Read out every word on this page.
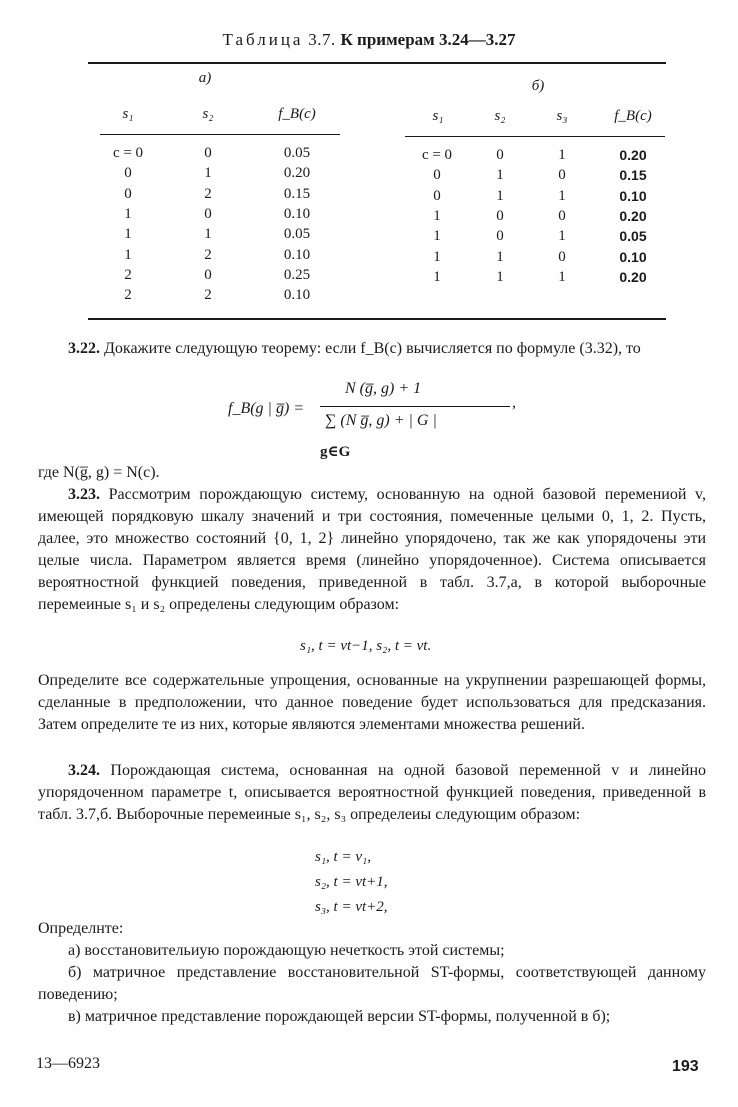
Таблица 3.7. К примерам 3.24—3.27
а)	б)
s₁	s₂	f_B(c)	s₁	s₂	s₃	f_B(c)
c = 0	0	0.05
0	1	0.20
0	2	0.15
1	0	0.10
1	1	0.05
1	2	0.10
2	0	0.25
2	2	0.10
c = 0	0	1	0.20
0	1	0	0.15
0	1	1	0.10
1	0	0	0.20
1	0	1	0.05
1	1	0	0.10
1	1	1	0.20
3.22. Докажите следующую теорему: если f_B(c) вычисляется по формуле (3.32), то
f_B(g | g̅) =
N (g̅, g) + 1
∑ (N g̅, g) + | G |
,
g∈G
где N(g̅, g) = N(c).
3.23. Рассмотрим порождающую систему, основанную на одной базовой перемениой v, имеющей порядковую шкалу значений и три состояния, помеченные целыми 0, 1, 2. Пусть, далее, это множество состояний {0, 1, 2} линейно упорядочено, так же как упорядочены эти целые числа. Параметром является время (линейно упорядоченное). Система описывается вероятностной функцией поведения, приведенной в табл. 3.7,а, в которой выборочные перемеиные s₁ и s₂ определены следующим образом:
s₁, t = vt−1, s₂, t = vt.
Определите все содержательные упрощения, основанные на укрупнении разрешающей формы, сделанные в предположении, что данное поведение будет использоваться для предсказания. Затем определите те из них, которые являются элементами множества решений.
3.24. Порождающая система, основанная на одной базовой переменной v и линейно упорядоченном параметре t, описывается вероятностной функцией поведения, приведенной в табл. 3.7,б. Выборочные перемеиные s₁, s₂, s₃ определеиы следующим образом:
s₁, t = v₁,
s₂, t = vt+1,
s₃, t = vt+2,
Определнте:
а) восстановительиую порождающую нечеткость этой системы;
б) матричное представление восстановительной ST-формы, соответствующей данному поведению;
в) матричное представление порождающей версии ST-формы, полученной в б);
13—6923	193
